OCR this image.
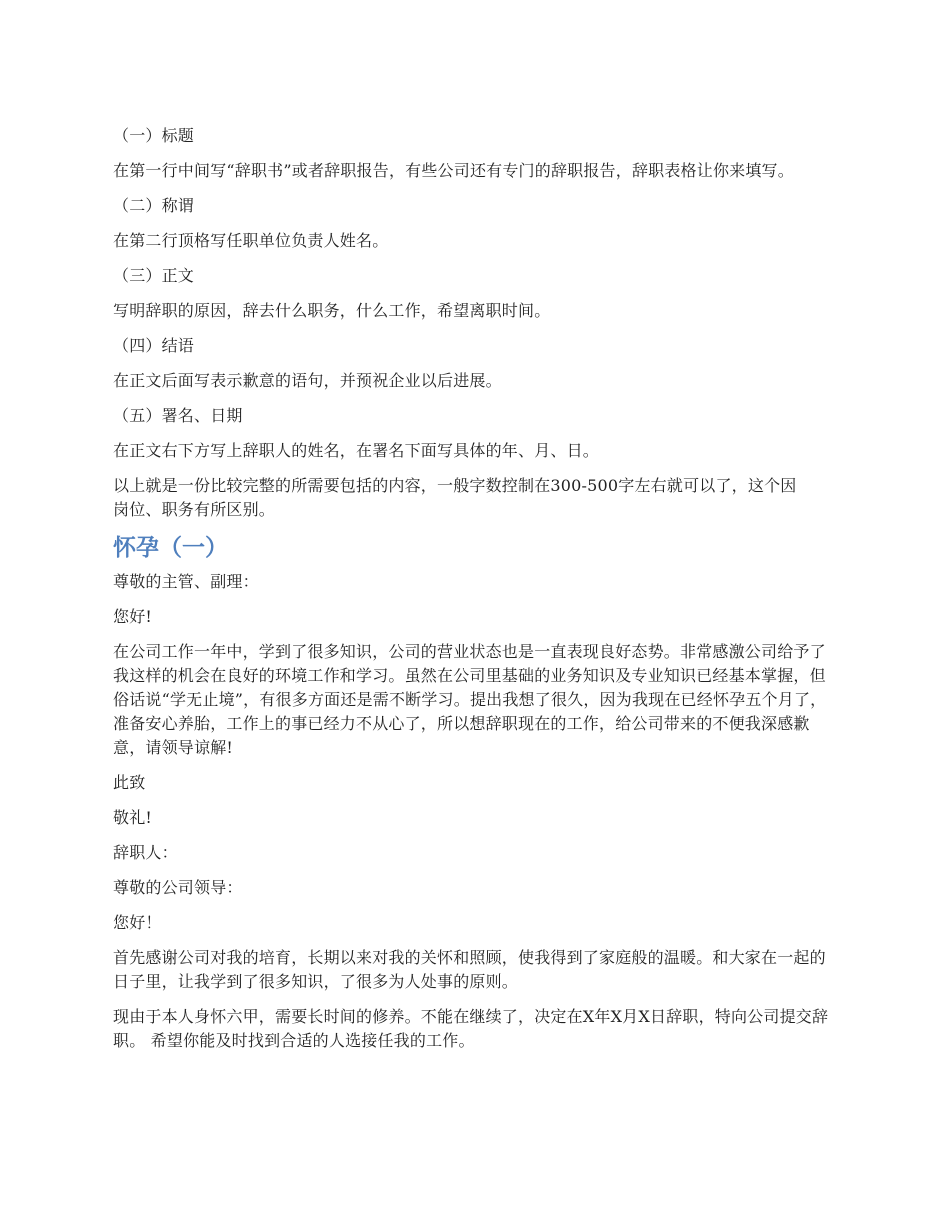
（一）标题

在第一行中间写“辞职书”或者辞职报告，有些公司还有专门的辞职报告，辞职表格让你来填写。

（二）称谓

在第二行顶格写任职单位负责人姓名。

（三）正文

写明辞职的原因，辞去什么职务，什么工作，希望离职时间。

（四）结语

在正文后面写表示歉意的语句，并预祝企业以后进展。

（五）署名、日期

在正文右下方写上辞职人的姓名，在署名下面写具体的年、月、日。

以上就是一份比较完整的所需要包括的内容，一般字数控制在300-500字左右就可以了，这个因岗位、职务有所区别。

怀孕（一）

尊敬的主管、副理：

您好!

在公司工作一年中，学到了很多知识，公司的营业状态也是一直表现良好态势。非常感激公司给予了我这样的机会在良好的环境工作和学习。虽然在公司里基础的业务知识及专业知识已经基本掌握，但俗话说“学无止境”，有很多方面还是需不断学习。提出我想了很久，因为我现在已经怀孕五个月了，准备安心养胎，工作上的事已经力不从心了，所以想辞职现在的工作，给公司带来的不便我深感歉意，请领导谅解!

此致

敬礼!

辞职人：

尊敬的公司领导：

您好！

首先感谢公司对我的培育，长期以来对我的关怀和照顾，使我得到了家庭般的温暖。和大家在一起的日子里，让我学到了很多知识，了很多为人处事的原则。

现由于本人身怀六甲，需要长时间的修养。不能在继续了，决定在X年X月X日辞职，特向公司提交辞职。 希望你能及时找到合适的人选接任我的工作。
